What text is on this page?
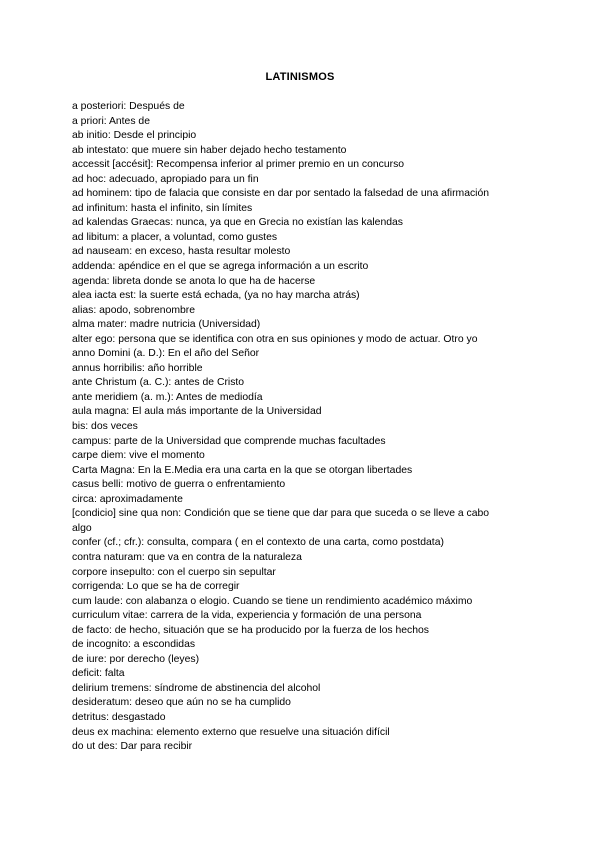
LATINISMOS
a posteriori: Después de
a priori: Antes de
ab initio: Desde el principio
ab intestato: que muere sin haber dejado hecho testamento
accessit [accésit]: Recompensa inferior al primer premio en un concurso
ad hoc: adecuado, apropiado para un fin
ad hominem: tipo de falacia que consiste en dar por sentado la falsedad de una afirmación
ad infinitum: hasta el infinito, sin límites
ad kalendas Graecas: nunca, ya que en Grecia no existían las kalendas
ad libitum: a placer, a voluntad, como gustes
ad nauseam: en exceso, hasta resultar molesto
addenda: apéndice en el que se agrega información a un escrito
agenda: libreta donde se anota lo que ha de hacerse
alea iacta est: la suerte está echada, (ya no hay marcha atrás)
alias: apodo, sobrenombre
alma mater: madre nutricia (Universidad)
alter ego: persona que se identifica con otra en sus opiniones y modo de actuar. Otro yo
anno Domini (a. D.): En el año del Señor
annus horribilis: año horrible
ante Christum (a. C.): antes de Cristo
ante meridiem (a. m.): Antes de mediodía
aula magna: El aula más importante de la Universidad
bis: dos veces
campus: parte de la Universidad que comprende muchas facultades
carpe diem: vive el momento
Carta Magna: En la E.Media era una carta en la que se otorgan libertades
casus belli: motivo de guerra o enfrentamiento
circa: aproximadamente
[condicio] sine qua non: Condición que se tiene que dar para que suceda o se lleve a cabo
algo
confer (cf.; cfr.): consulta, compara ( en el contexto de una carta, como postdata)
contra naturam: que va en contra de la naturaleza
corpore insepulto: con el cuerpo sin sepultar
corrigenda: Lo que se ha de corregir
cum laude: con alabanza o elogio. Cuando se tiene un rendimiento académico máximo
curriculum vitae: carrera de la vida, experiencia y formación de una persona
de facto: de hecho, situación que se ha producido por la fuerza de los hechos
de incognito: a escondidas
de iure: por derecho (leyes)
deficit: falta
delirium tremens: síndrome de abstinencia del alcohol
desideratum: deseo que aún no se ha cumplido
detritus: desgastado
deus ex machina: elemento externo que resuelve una situación difícil
do ut des: Dar para recibir
